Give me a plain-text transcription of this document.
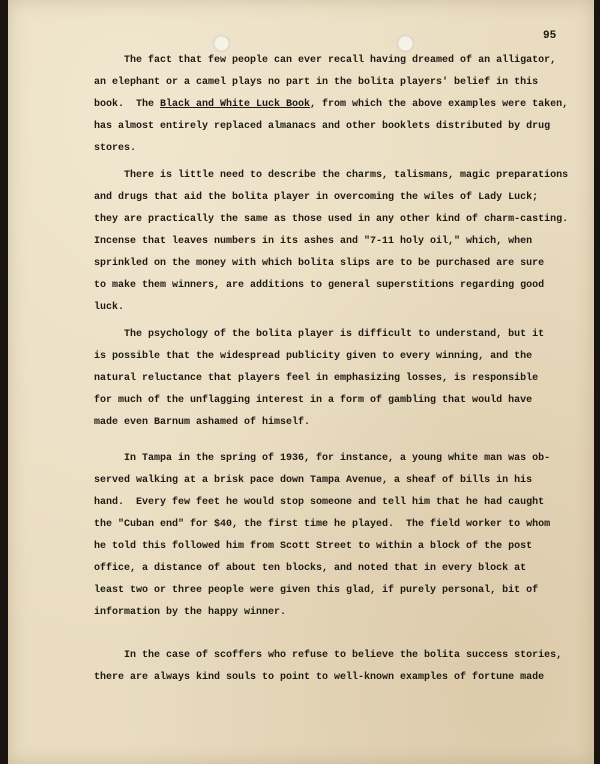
95
The fact that few people can ever recall having dreamed of an alligator,
an elephant or a camel plays no part in the bolita players' belief in this
book.  The Black and White Luck Book, from which the above examples were taken,
has almost entirely replaced almanacs and other booklets distributed by drug
stores.
There is little need to describe the charms, talismans, magic preparations
and drugs that aid the bolita player in overcoming the wiles of Lady Luck;
they are practically the same as those used in any other kind of charm-casting.
Incense that leaves numbers in its ashes and "7-11 holy oil," which, when
sprinkled on the money with which bolita slips are to be purchased are sure
to make them winners, are additions to general superstitions regarding good
luck.
The psychology of the bolita player is difficult to understand, but it
is possible that the widespread publicity given to every winning, and the
natural reluctance that players feel in emphasizing losses, is responsible
for much of the unflagging interest in a form of gambling that would have
made even Barnum ashamed of himself.
In Tampa in the spring of 1936, for instance, a young white man was ob-
served walking at a brisk pace down Tampa Avenue, a sheaf of bills in his
hand.  Every few feet he would stop someone and tell him that he had caught
the "Cuban end" for $40, the first time he played.  The field worker to whom
he told this followed him from Scott Street to within a block of the post
office, a distance of about ten blocks, and noted that in every block at
least two or three people were given this glad, if purely personal, bit of
information by the happy winner.
In the case of scoffers who refuse to believe the bolita success stories,
there are always kind souls to point to well-known examples of fortune made
